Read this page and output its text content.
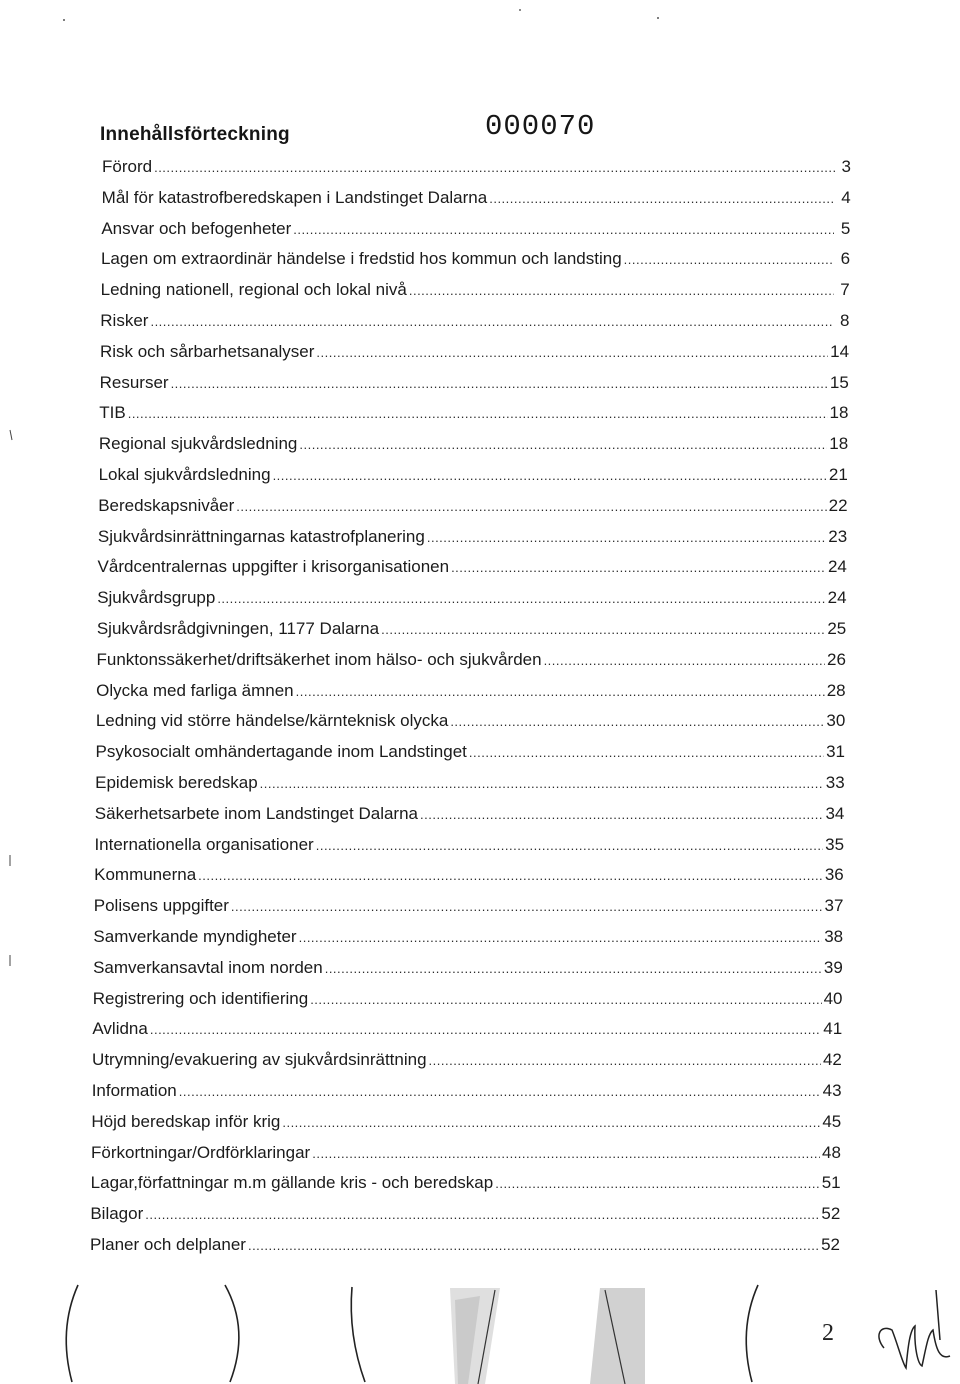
Innehållsförteckning	000070
Förord .....	3
Mål för katastrofberedskapen i Landstinget Dalarna .....	4
Ansvar och befogenheter .....	5
Lagen om extraordinär händelse i fredstid hos kommun och landsting .....	6
Ledning nationell, regional och lokal nivå .....	7
Risker .....	8
Risk och sårbarhetsanalyser .....	14
Resurser .....	15
TIB .....	18
Regional sjukvårdsledning .....	18
Lokal sjukvårdsledning .....	21
Beredskapsnivåer .....	22
Sjukvårdsinrättningarnas katastrofplanering .....	23
Vårdcentralernas uppgifter i krisorganisationen .....	24
Sjukvårdsgrupp .....	24
Sjukvårdsrådgivningen, 1177 Dalarna .....	25
Funktonssäkerhet/driftsäkerhet inom hälso- och sjukvården .....	26
Olycka med farliga ämnen .....	28
Ledning vid större händelse/kärnteknisk olycka .....	30
Psykosocialt omhändertagande inom Landstinget .....	31
Epidemisk beredskap .....	33
Säkerhetsarbete inom Landstinget Dalarna .....	34
Internationella organisationer .....	35
Kommunerna .....	36
Polisens uppgifter .....	37
Samverkande myndigheter .....	38
Samverkansavtal inom norden .....	39
Registrering och identifiering .....	40
Avlidna .....	41
Utrymning/evakuering av sjukvårdsinrättning .....	42
Information .....	43
Höjd beredskap inför krig .....	45
Förkortningar/Ordförklaringar .....	48
Lagar,författningar m.m gällande kris - och beredskap .....	51
Bilagor .....	52
Planer och delplaner .....	52
2
